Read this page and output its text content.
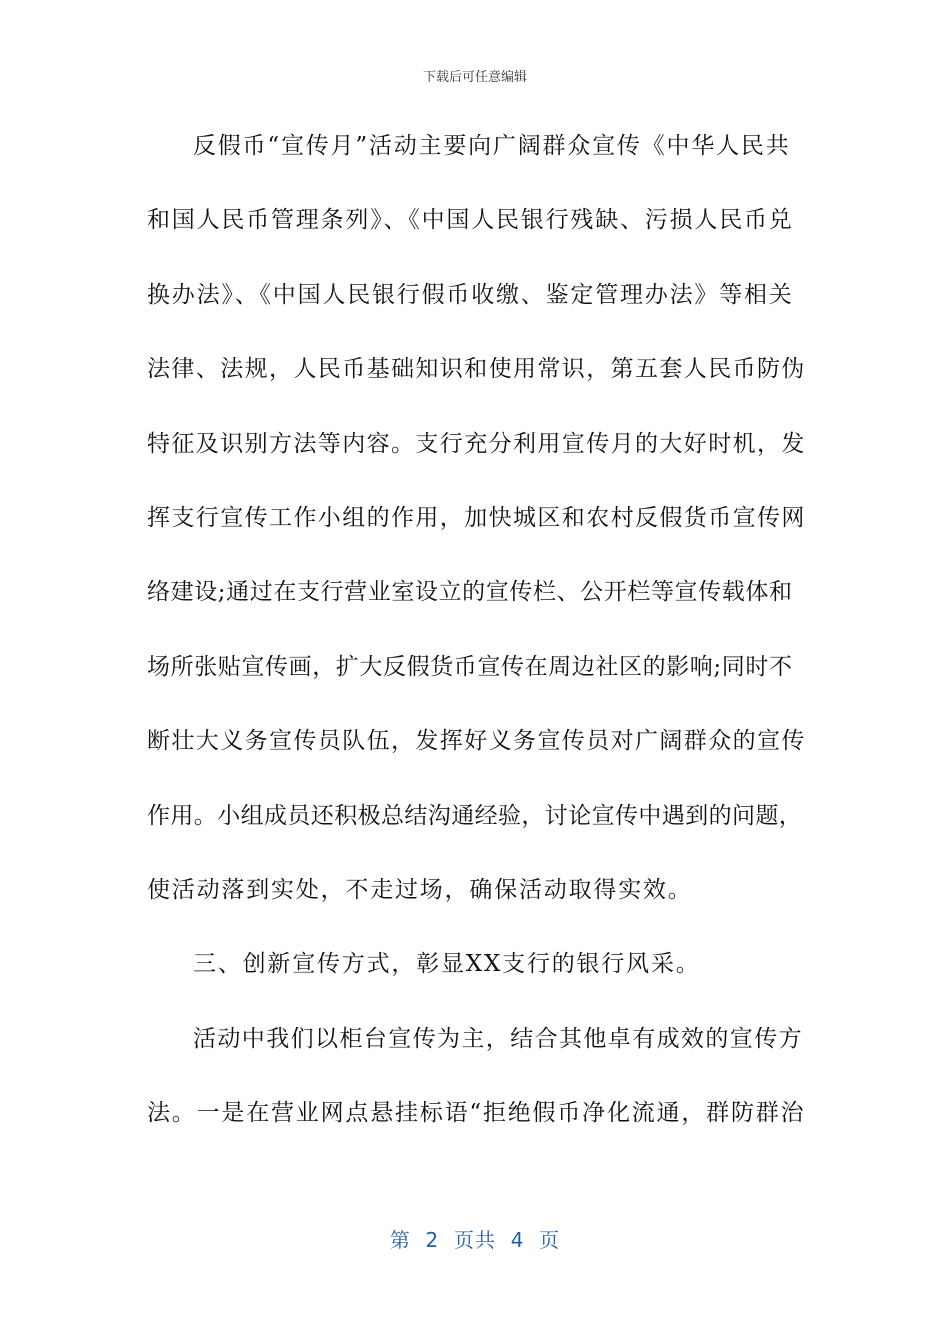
下载后可任意编辑
反假币“宣传月”活动主要向广阔群众宣传《中华人民共
和国人民币管理条列》、《中国人民银行残缺、污损人民币兑
换办法》、《中国人民银行假币收缴、鉴定管理办法》等相关
法律、法规，人民币基础知识和使用常识，第五套人民币防伪
特征及识别方法等内容。支行充分利用宣传月的大好时机，发
挥支行宣传工作小组的作用，加快城区和农村反假货币宣传网
络建设;通过在支行营业室设立的宣传栏、公开栏等宣传载体和
场所张贴宣传画，扩大反假货币宣传在周边社区的影响;同时不
断壮大义务宣传员队伍，发挥好义务宣传员对广阔群众的宣传
作用。小组成员还积极总结沟通经验，讨论宣传中遇到的问题，
使活动落到实处，不走过场，确保活动取得实效。
三、创新宣传方式，彰显XX支行的银行风采。
活动中我们以柜台宣传为主，结合其他卓有成效的宣传方
法。一是在营业网点悬挂标语“拒绝假币净化流通，群防群治
第  2  页共  4  页
